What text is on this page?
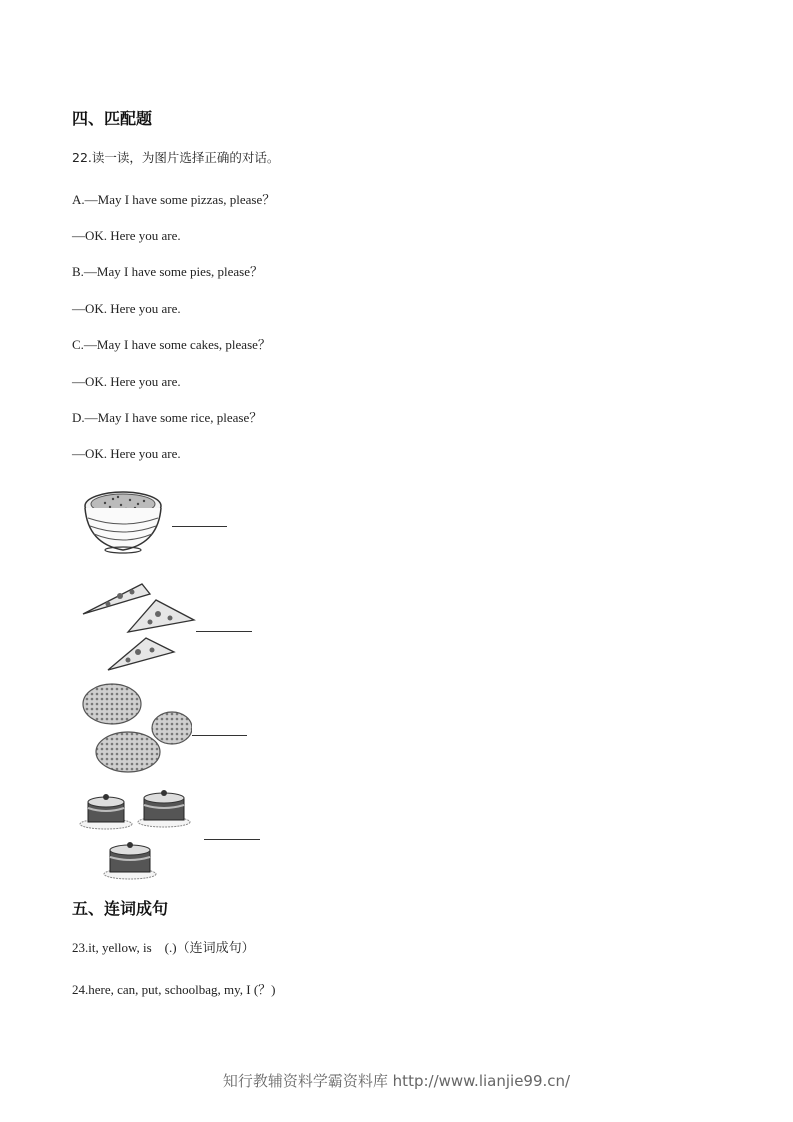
四、匹配题
22.读一读，为图片选择正确的对话。
A.—May I have some pizzas, please？
—OK. Here you are.
B.—May I have some pies, please？
—OK. Here you are.
C.—May I have some cakes, please？
—OK. Here you are.
D.—May I have some rice, please？
—OK. Here you are.
五、连词成句
23.it, yellow, is　(.)（连词成句）
24.here, can, put, schoolbag, my, I (？)
知行教辅资料学霸资料库 http://www.lianjie99.cn/
